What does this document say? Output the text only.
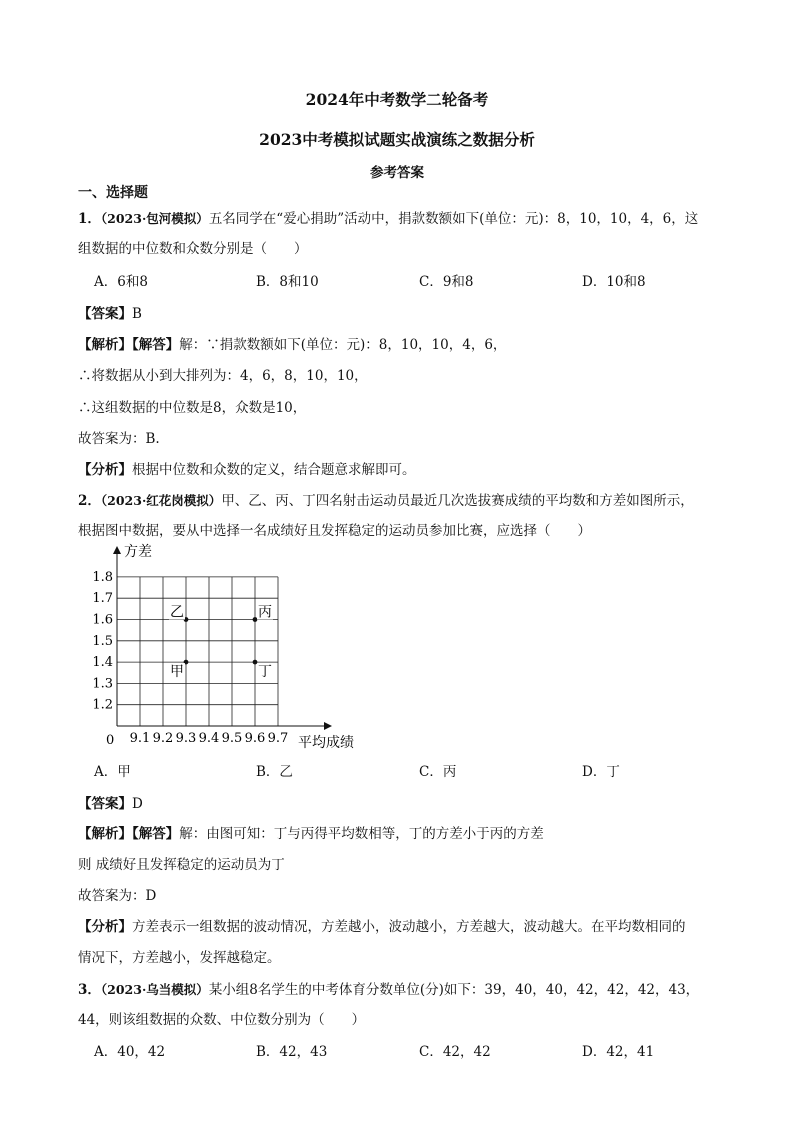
2024年中考数学二轮备考
2023中考模拟试题实战演练之数据分析
参考答案
一、选择题
1．（2023·包河模拟）五名同学在“爱心捐助”活动中，捐款数额如下(单位：元)：8，10，10，4，6，这
组数据的中位数和众数分别是（　　）
A．6和8	B．8和10	C．9和8	D．10和8
【答案】B
【解析】【解答】解：∵捐款数额如下(单位：元)：8，10，10，4，6，
∴将数据从小到大排列为：4，6，8，10，10，
∴这组数据的中位数是8，众数是10，
故答案为：B.
【分析】根据中位数和众数的定义，结合题意求解即可。
2．（2023·红花岗模拟）甲、乙、丙、丁四名射击运动员最近几次选拔赛成绩的平均数和方差如图所示，
根据图中数据，要从中选择一名成绩好且发挥稳定的运动员参加比赛，应选择（　　）
方差
平均成绩
0 9.1 9.2 9.3 9.4 9.5 9.6 9.7
1.2
1.3
1.4
1.5
1.6
1.7
1.8
甲
乙	丙
丁
A．甲	B．乙	C．丙	D．丁
【答案】D
【解析】【解答】解：由图可知：丁与丙得平均数相等，丁的方差小于丙的方差
则 成绩好且发挥稳定的运动员为丁
故答案为：D
【分析】方差表示一组数据的波动情况，方差越小，波动越小，方差越大，波动越大。在平均数相同的
情况下，方差越小，发挥越稳定。
3．（2023·乌当模拟）某小组8名学生的中考体育分数单位(分)如下：39，40，40，42，42，42，43，
44，则该组数据的众数、中位数分别为（　　）
A．40，42	B．42，43	C．42，42	D．42，41
